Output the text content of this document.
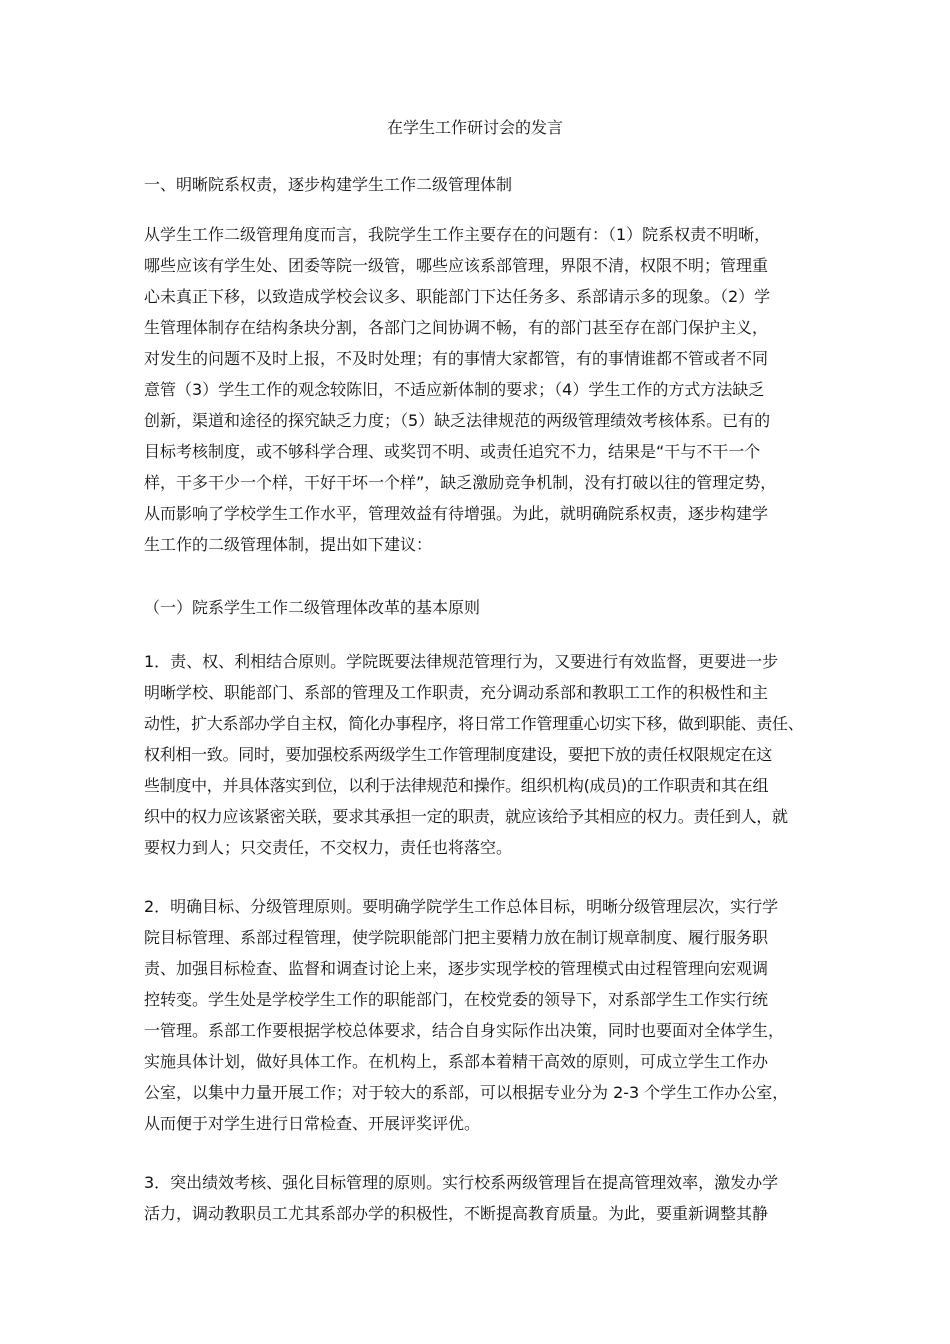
在学生工作研讨会的发言
一、明晰院系权责，逐步构建学生工作二级管理体制
从学生工作二级管理角度而言，我院学生工作主要存在的问题有：（1）院系权责不明晰，
哪些应该有学生处、团委等院一级管，哪些应该系部管理，界限不清，权限不明；管理重
心未真正下移，以致造成学校会议多、职能部门下达任务多、系部请示多的现象。（2）学
生管理体制存在结构条块分割，各部门之间协调不畅，有的部门甚至存在部门保护主义，
对发生的问题不及时上报，不及时处理；有的事情大家都管，有的事情谁都不管或者不同
意管（3）学生工作的观念较陈旧，不适应新体制的要求；（4）学生工作的方式方法缺乏
创新，渠道和途径的探究缺乏力度；（5）缺乏法律规范的两级管理绩效考核体系。已有的
目标考核制度，或不够科学合理、或奖罚不明、或责任追究不力，结果是“干与不干一个
样，干多干少一个样，干好干坏一个样”，缺乏激励竞争机制，没有打破以往的管理定势，
从而影响了学校学生工作水平，管理效益有待增强。为此，就明确院系权责，逐步构建学
生工作的二级管理体制，提出如下建议：
（一）院系学生工作二级管理体改革的基本原则
1．责、权、利相结合原则。学院既要法律规范管理行为，又要进行有效监督，更要进一步
明晰学校、职能部门、系部的管理及工作职责，充分调动系部和教职工工作的积极性和主
动性，扩大系部办学自主权，简化办事程序，将日常工作管理重心切实下移，做到职能、责任、
权利相一致。同时，要加强校系两级学生工作管理制度建设，要把下放的责任权限规定在这
些制度中，并具体落实到位，以利于法律规范和操作。组织机构(成员)的工作职责和其在组
织中的权力应该紧密关联，要求其承担一定的职责，就应该给予其相应的权力。责任到人，就
要权力到人；只交责任，不交权力，责任也将落空。
2．明确目标、分级管理原则。要明确学院学生工作总体目标，明晰分级管理层次，实行学
院目标管理、系部过程管理，使学院职能部门把主要精力放在制订规章制度、履行服务职
责、加强目标检查、监督和调查讨论上来，逐步实现学校的管理模式由过程管理向宏观调
控转变。学生处是学校学生工作的职能部门，在校党委的领导下，对系部学生工作实行统
一管理。系部工作要根据学校总体要求，结合自身实际作出决策，同时也要面对全体学生，
实施具体计划，做好具体工作。在机构上，系部本着精干高效的原则，可成立学生工作办
公室，以集中力量开展工作；对于较大的系部，可以根据专业分为 2-3 个学生工作办公室，
从而便于对学生进行日常检查、开展评奖评优。
3．突出绩效考核、强化目标管理的原则。实行校系两级管理旨在提高管理效率，激发办学
活力，调动教职员工尤其系部办学的积极性，不断提高教育质量。为此，要重新调整其静
